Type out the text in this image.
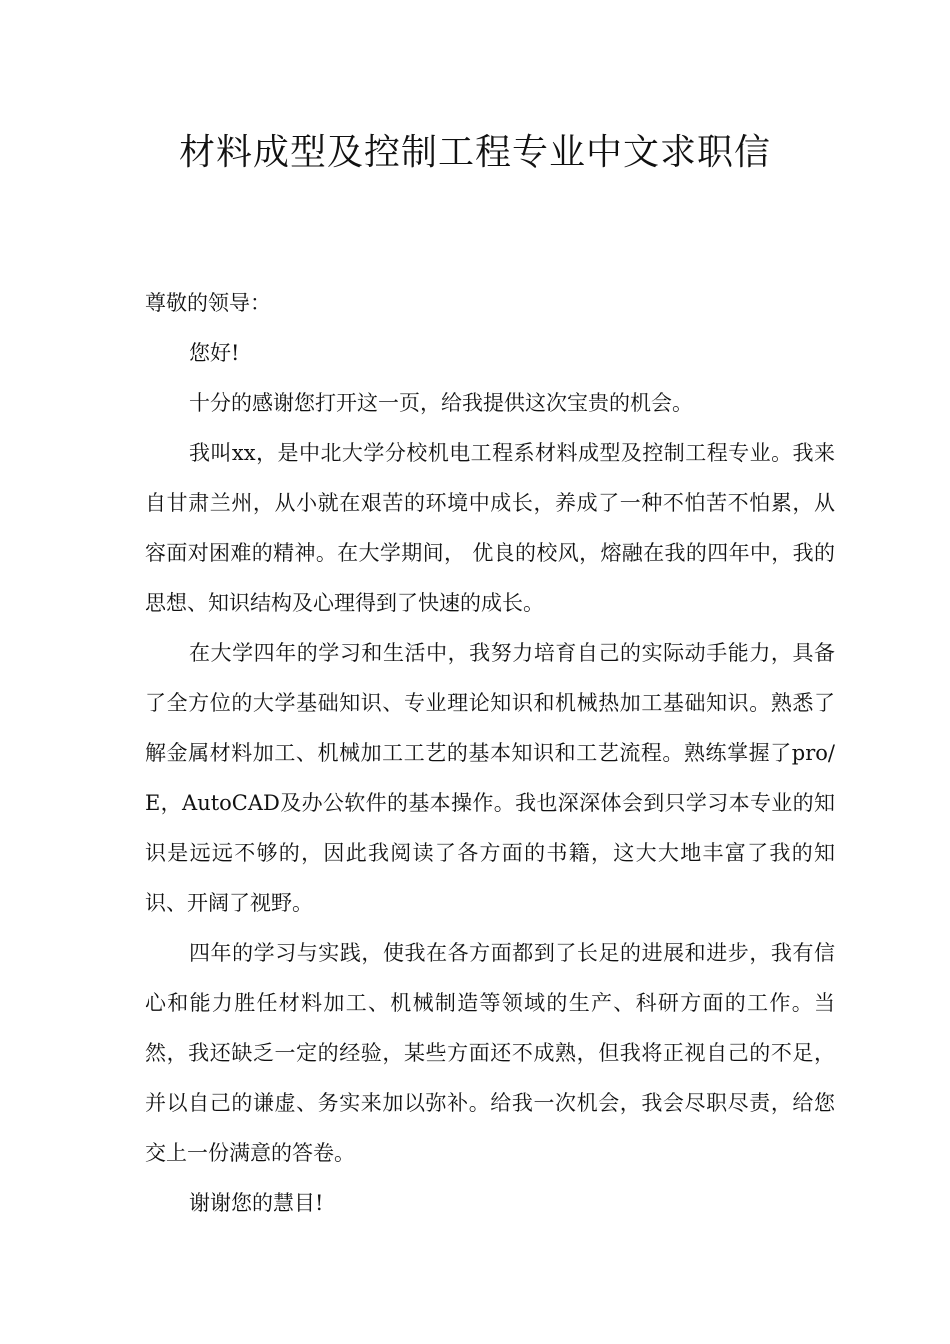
材料成型及控制工程专业中文求职信

尊敬的领导：

您好!

十分的感谢您打开这一页，给我提供这次宝贵的机会。

我叫xx，是中北大学分校机电工程系材料成型及控制工程专业。我来自甘肃兰州，从小就在艰苦的环境中成长，养成了一种不怕苦不怕累，从容面对困难的精神。在大学期间， 优良的校风，熔融在我的四年中，我的思想、知识结构及心理得到了快速的成长。

在大学四年的学习和生活中，我努力培育自己的实际动手能力，具备了全方位的大学基础知识、专业理论知识和机械热加工基础知识。熟悉了解金属材料加工、机械加工工艺的基本知识和工艺流程。熟练掌握了pro/E，AutoCAD及办公软件的基本操作。我也深深体会到只学习本专业的知识是远远不够的，因此我阅读了各方面的书籍，这大大地丰富了我的知识、开阔了视野。

四年的学习与实践，使我在各方面都到了长足的进展和进步，我有信心和能力胜任材料加工、机械制造等领域的生产、科研方面的工作。当然，我还缺乏一定的经验，某些方面还不成熟，但我将正视自己的不足，并以自己的谦虚、务实来加以弥补。给我一次机会，我会尽职尽责，给您交上一份满意的答卷。

谢谢您的慧目!
